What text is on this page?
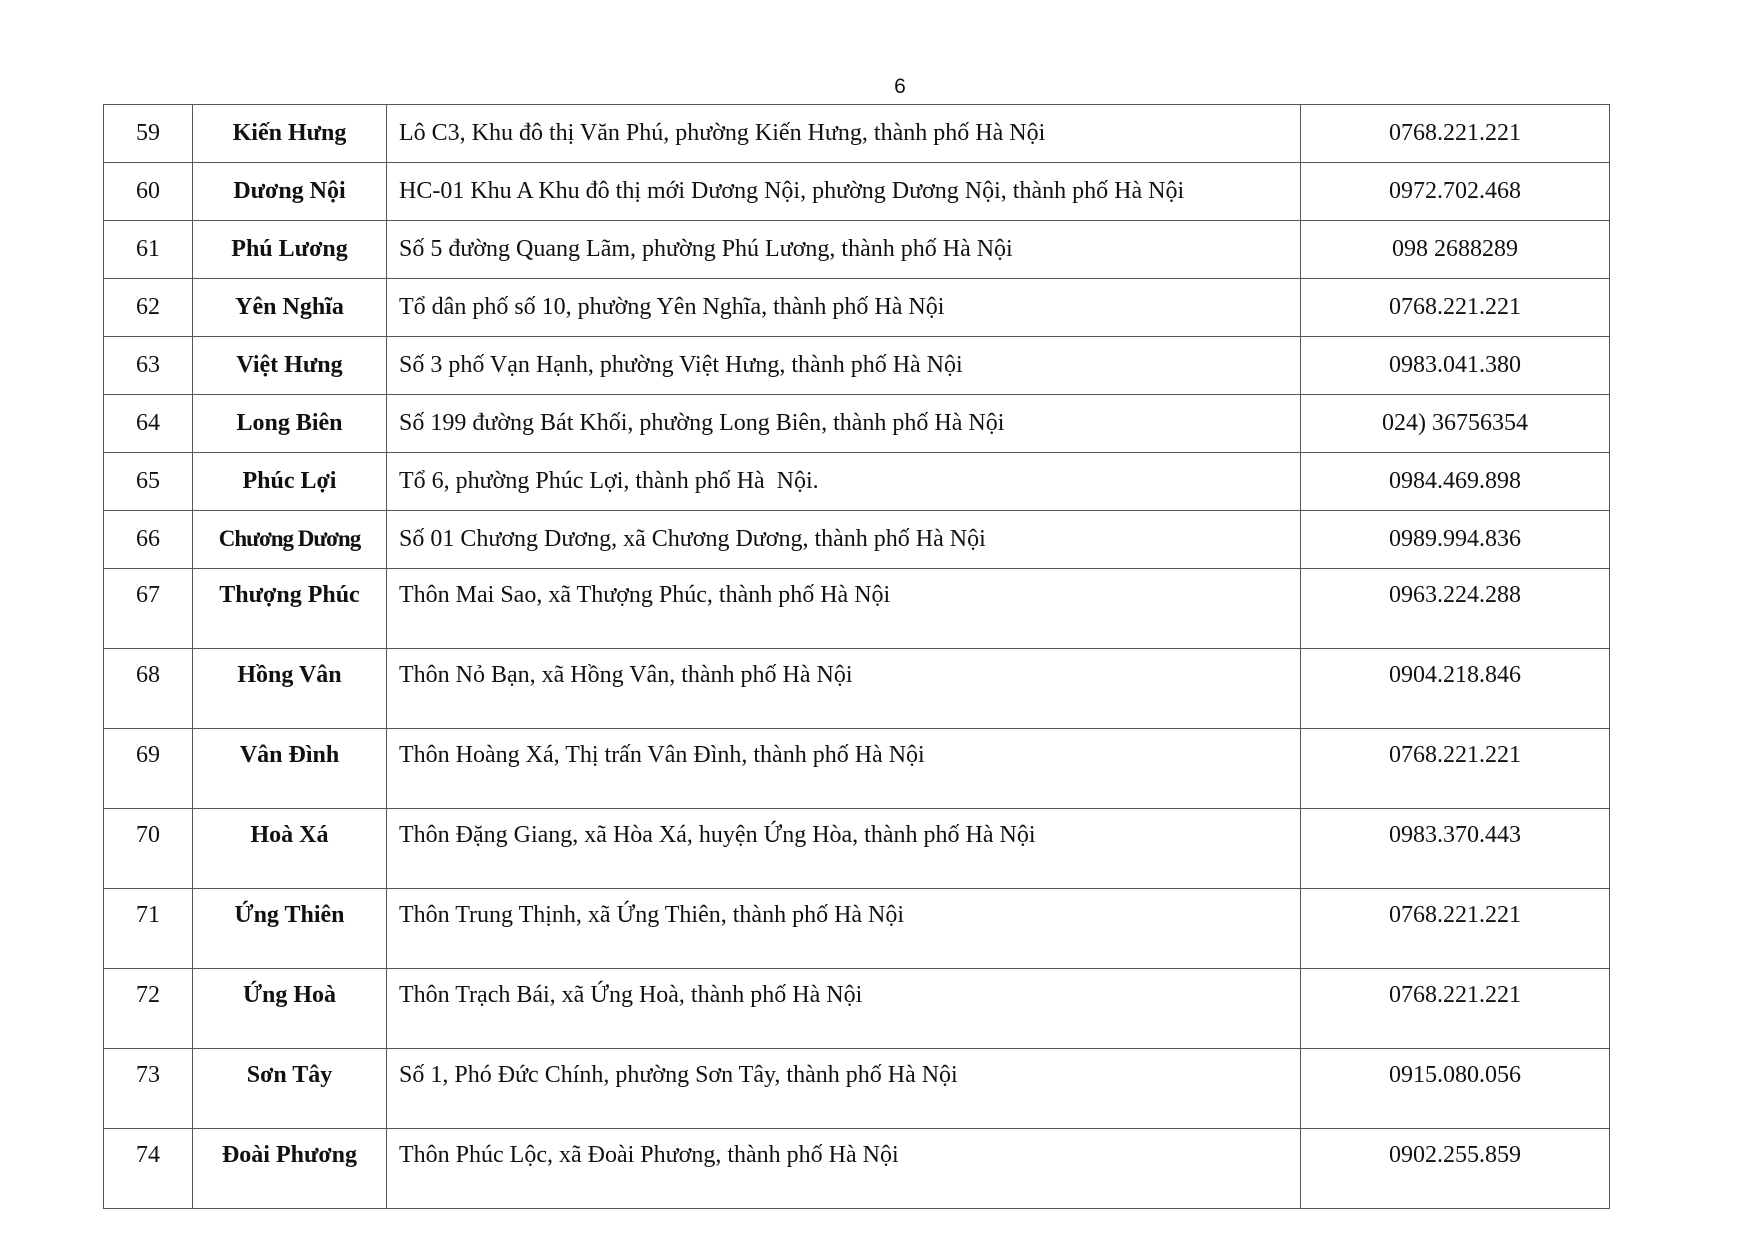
6
59	Kiến Hưng	Lô C3, Khu đô thị Văn Phú, phường Kiến Hưng, thành phố Hà Nội	0768.221.221

60	Dương Nội	HC-01 Khu A Khu đô thị mới Dương Nội, phường Dương Nội, thành phố Hà Nội	0972.702.468

61	Phú Lương	Số 5 đường Quang Lãm, phường Phú Lương, thành phố Hà Nội	098 2688289

62	Yên Nghĩa	Tổ dân phố số 10, phường Yên Nghĩa, thành phố Hà Nội	0768.221.221

63	Việt Hưng	Số 3 phố Vạn Hạnh, phường Việt Hưng, thành phố Hà Nội	0983.041.380

64	Long Biên	Số 199 đường Bát Khối, phường Long Biên, thành phố Hà Nội	024) 36756354

65	Phúc Lợi	Tổ 6, phường Phúc Lợi, thành phố Hà  Nội.	0984.469.898

66	Chương Dương	Số 01 Chương Dương, xã Chương Dương, thành phố Hà Nội	0989.994.836

67	Thượng Phúc	Thôn Mai Sao, xã Thượng Phúc, thành phố Hà Nội	0963.224.288

68	Hồng Vân	Thôn Nỏ Bạn, xã Hồng Vân, thành phố Hà Nội	0904.218.846

69	Vân Đình	Thôn Hoàng Xá, Thị trấn Vân Đình, thành phố Hà Nội	0768.221.221

70	Hoà Xá	Thôn Đặng Giang, xã Hòa Xá, huyện Ứng Hòa, thành phố Hà Nội	0983.370.443

71	Ứng Thiên	Thôn Trung Thịnh, xã Ứng Thiên, thành phố Hà Nội	0768.221.221

72	Ứng Hoà	Thôn Trạch Bái, xã Ứng Hoà, thành phố Hà Nội	0768.221.221

73	Sơn Tây	Số 1, Phó Đức Chính, phường Sơn Tây, thành phố Hà Nội	0915.080.056

74	Đoài Phương	Thôn Phúc Lộc, xã Đoài Phương, thành phố Hà Nội	0902.255.859
